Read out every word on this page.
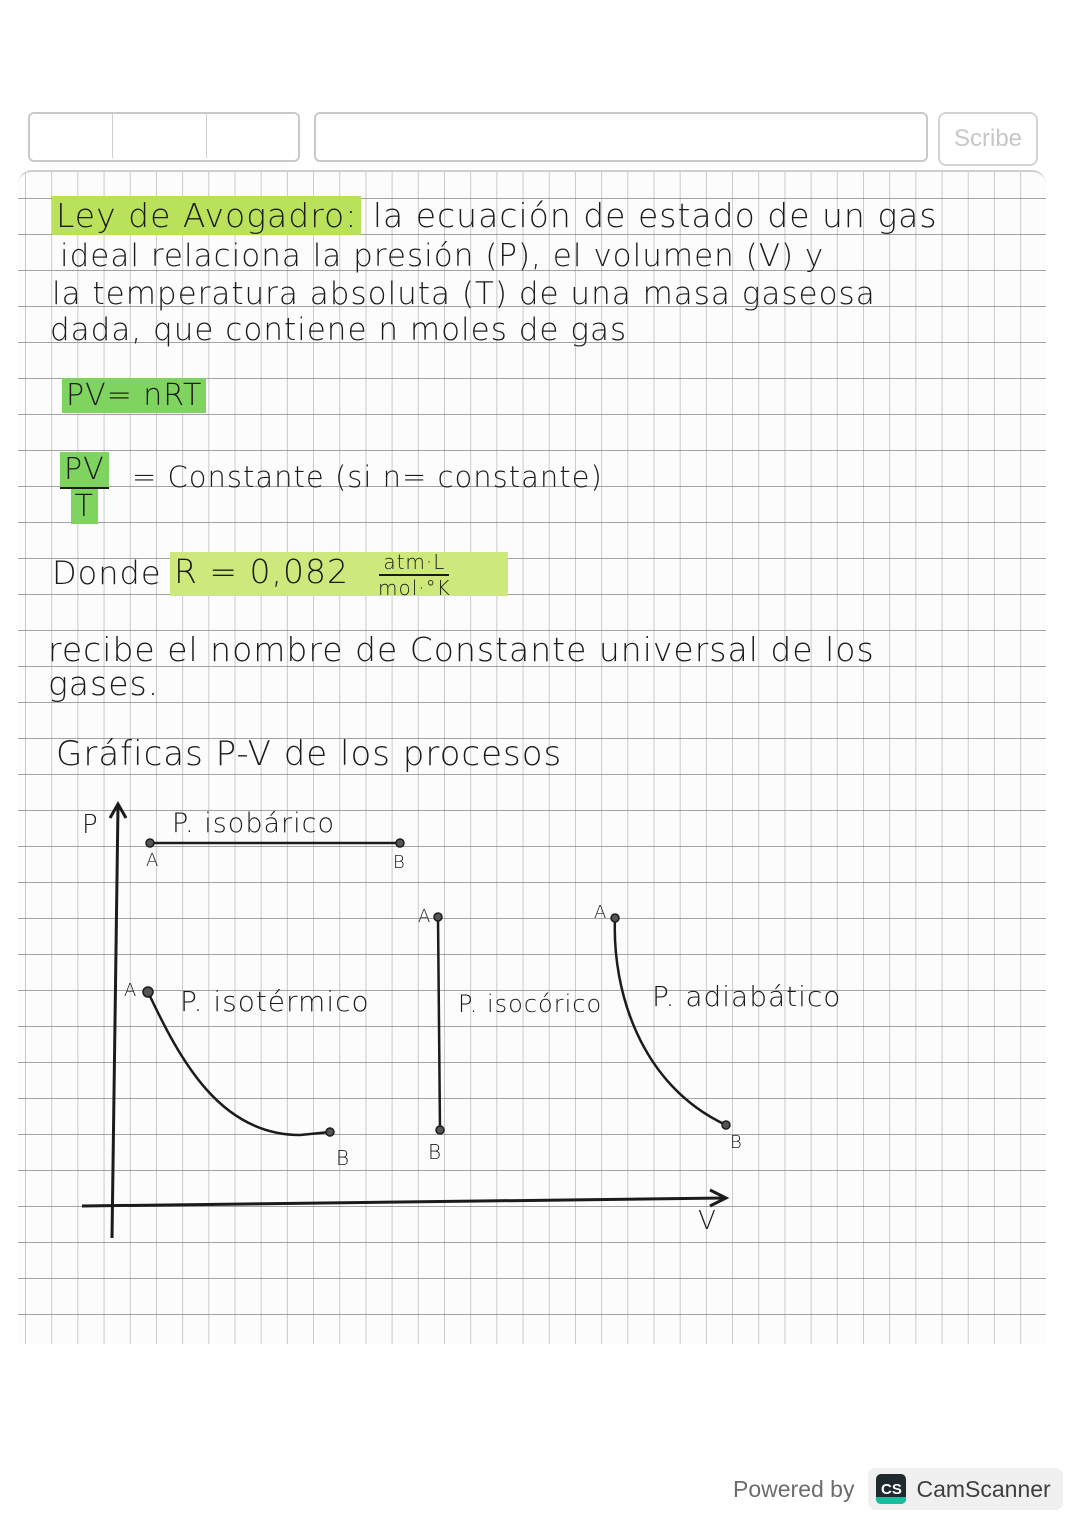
Scribe
Ley de Avogadro: la ecuación de estado de un gas
ideal relaciona la presión (P), el volumen (V) y
la temperatura absoluta (T) de una masa gaseosa
dada, que contiene n moles de gas
PV= nRT
$\frac{PV}{T}$ = Constante (si n= constante)
Donde R = 0,082	atm·L
mol·°K
recibe el nombre de Constante universal de los
gases.
Gráficas P-V de los procesos
P
V
P. isobárico
A	B
P. isotérmico
A
B
P. isocórico
A
B
P. adiabático
A
B
Powered by	CS CamScanner
